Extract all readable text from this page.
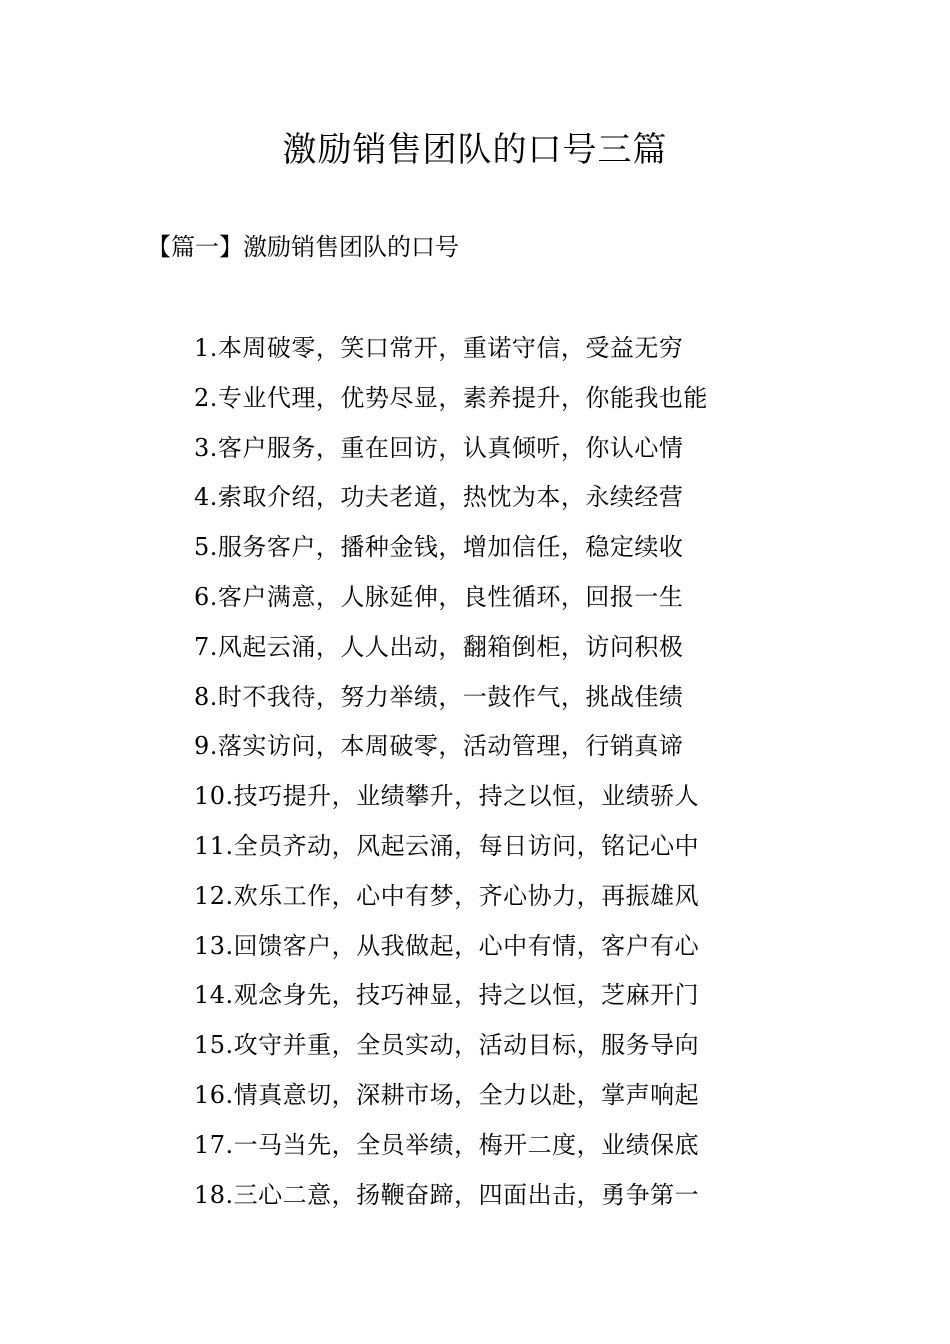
激励销售团队的口号三篇

【篇一】激励销售团队的口号

1.本周破零，笑口常开，重诺守信，受益无穷
2.专业代理，优势尽显，素养提升，你能我也能
3.客户服务，重在回访，认真倾听，你认心情
4.索取介绍，功夫老道，热忱为本，永续经营
5.服务客户，播种金钱，增加信任，稳定续收
6.客户满意，人脉延伸，良性循环，回报一生
7.风起云涌，人人出动，翻箱倒柜，访问积极
8.时不我待，努力举绩，一鼓作气，挑战佳绩
9.落实访问，本周破零，活动管理，行销真谛
10.技巧提升，业绩攀升，持之以恒，业绩骄人
11.全员齐动，风起云涌，每日访问，铭记心中
12.欢乐工作，心中有梦，齐心协力，再振雄风
13.回馈客户，从我做起，心中有情，客户有心
14.观念身先，技巧神显，持之以恒，芝麻开门
15.攻守并重，全员实动，活动目标，服务导向
16.情真意切，深耕市场，全力以赴，掌声响起
17.一马当先，全员举绩，梅开二度，业绩保底
18.三心二意，扬鞭奋蹄，四面出击，勇争第一
